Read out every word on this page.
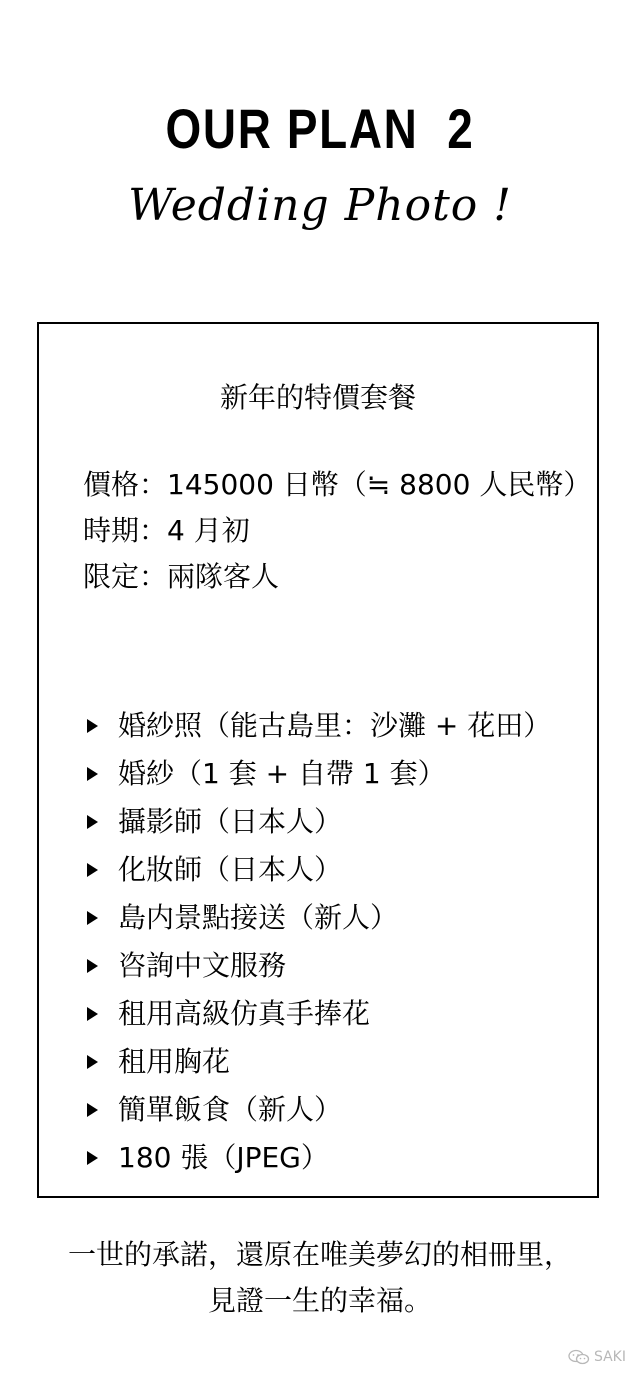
OUR PLAN  2
Wedding Photo !
新年的特價套餐
價格：145000 日幣（≒ 8800 人民幣）
時期：4 月初
限定：兩隊客人
婚紗照（能古島里：沙灘 + 花田）
婚紗（1 套 + 自帶 1 套）
攝影師（日本人）
化妝師（日本人）
島内景點接送（新人）
咨詢中文服務
租用高級仿真手捧花
租用胸花
簡單飯食（新人）
180 張（JPEG）
一世的承諾，還原在唯美夢幻的相冊里，
見證一生的幸福。
SAKI
